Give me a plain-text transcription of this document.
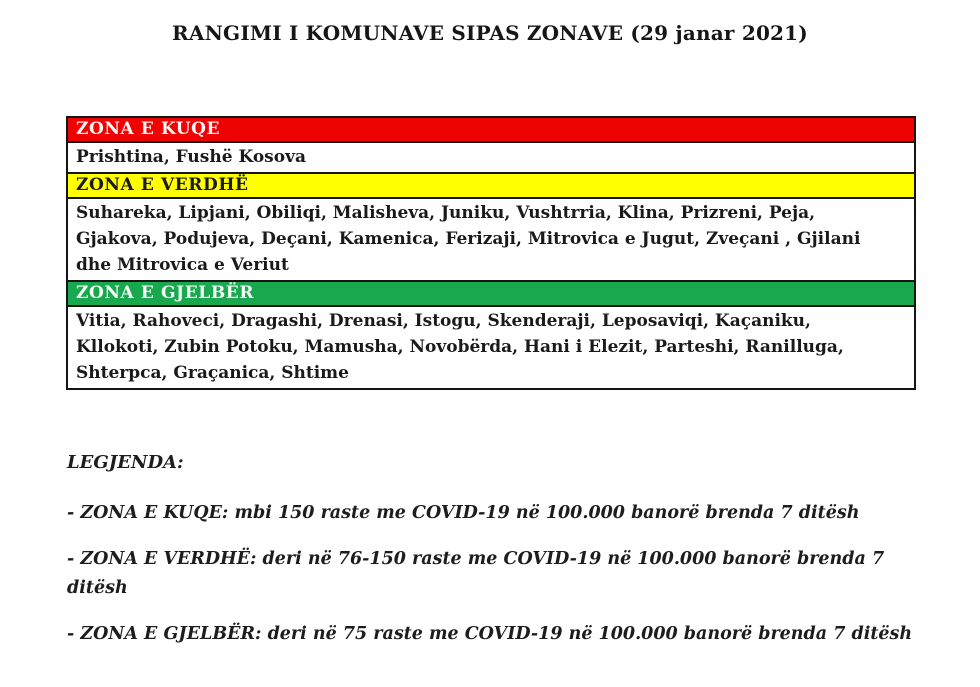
RANGIMI I KOMUNAVE SIPAS ZONAVE (29 janar 2021)
ZONA E KUQE
Prishtina, Fushë Kosova
ZONA E VERDHË
Suhareka, Lipjani, Obiliqi, Malisheva, Juniku, Vushtrria, Klina, Prizreni, Peja,
Gjakova, Podujeva, Deçani, Kamenica, Ferizaji, Mitrovica e Jugut, Zveçani , Gjilani
dhe Mitrovica e Veriut
ZONA E GJELBËR
Vitia, Rahoveci, Dragashi, Drenasi, Istogu, Skenderaji, Leposaviqi, Kaçaniku,
Kllokoti, Zubin Potoku, Mamusha, Novobërda, Hani i Elezit, Parteshi, Ranilluga,
Shterpca, Graçanica, Shtime

LEGJENDA:

- ZONA E KUQE: mbi 150 raste me COVID-19 në 100.000 banorë brenda 7 ditësh
- ZONA E VERDHË: deri në 76-150 raste me COVID-19 në 100.000 banorë brenda 7
ditësh
- ZONA E GJELBËR: deri në 75 raste me COVID-19 në 100.000 banorë brenda 7 ditësh
